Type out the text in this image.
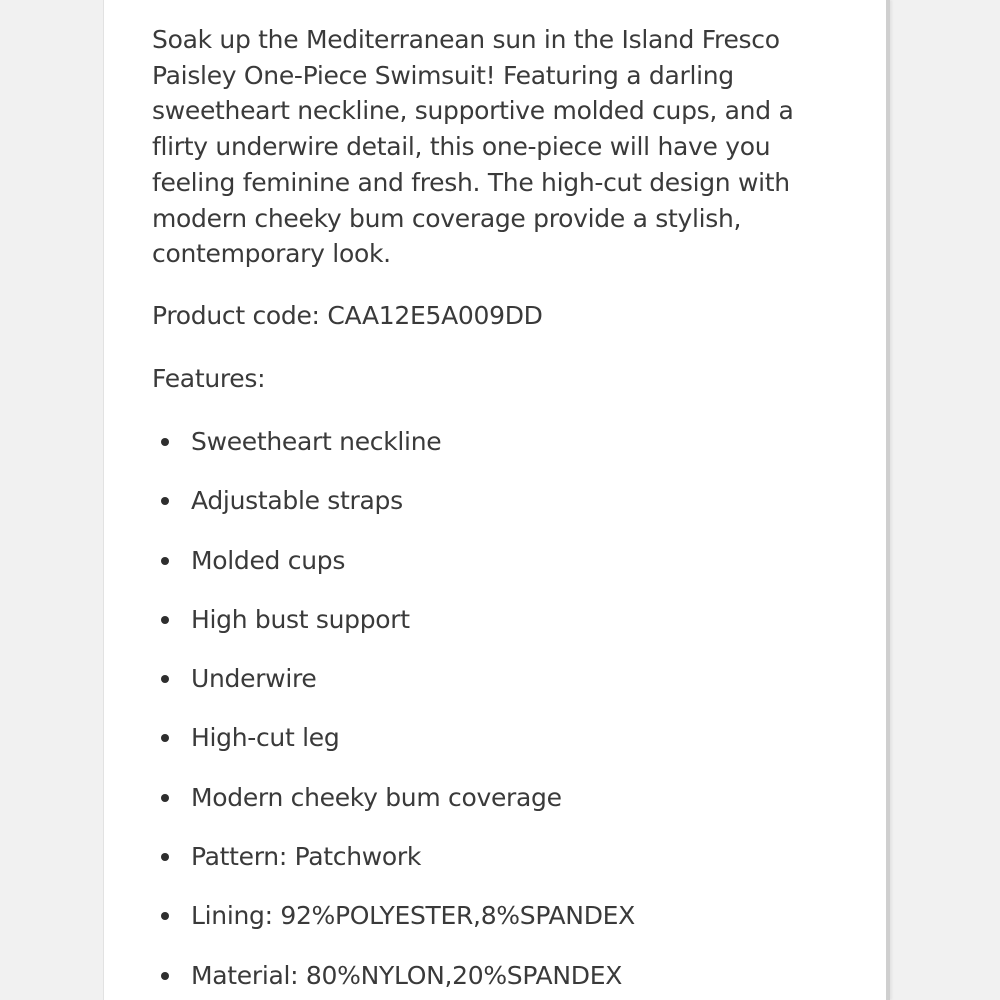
Soak up the Mediterranean sun in the Island Fresco Paisley One-Piece Swimsuit! Featuring a darling sweetheart neckline, supportive molded cups, and a flirty underwire detail, this one-piece will have you feeling feminine and fresh. The high-cut design with modern cheeky bum coverage provide a stylish, contemporary look.

Product code: CAA12E5A009DD

Features:

Sweetheart neckline
Adjustable straps
Molded cups
High bust support
Underwire
High-cut leg
Modern cheeky bum coverage
Pattern: Patchwork
Lining: 92%POLYESTER,8%SPANDEX
Material: 80%NYLON,20%SPANDEX
